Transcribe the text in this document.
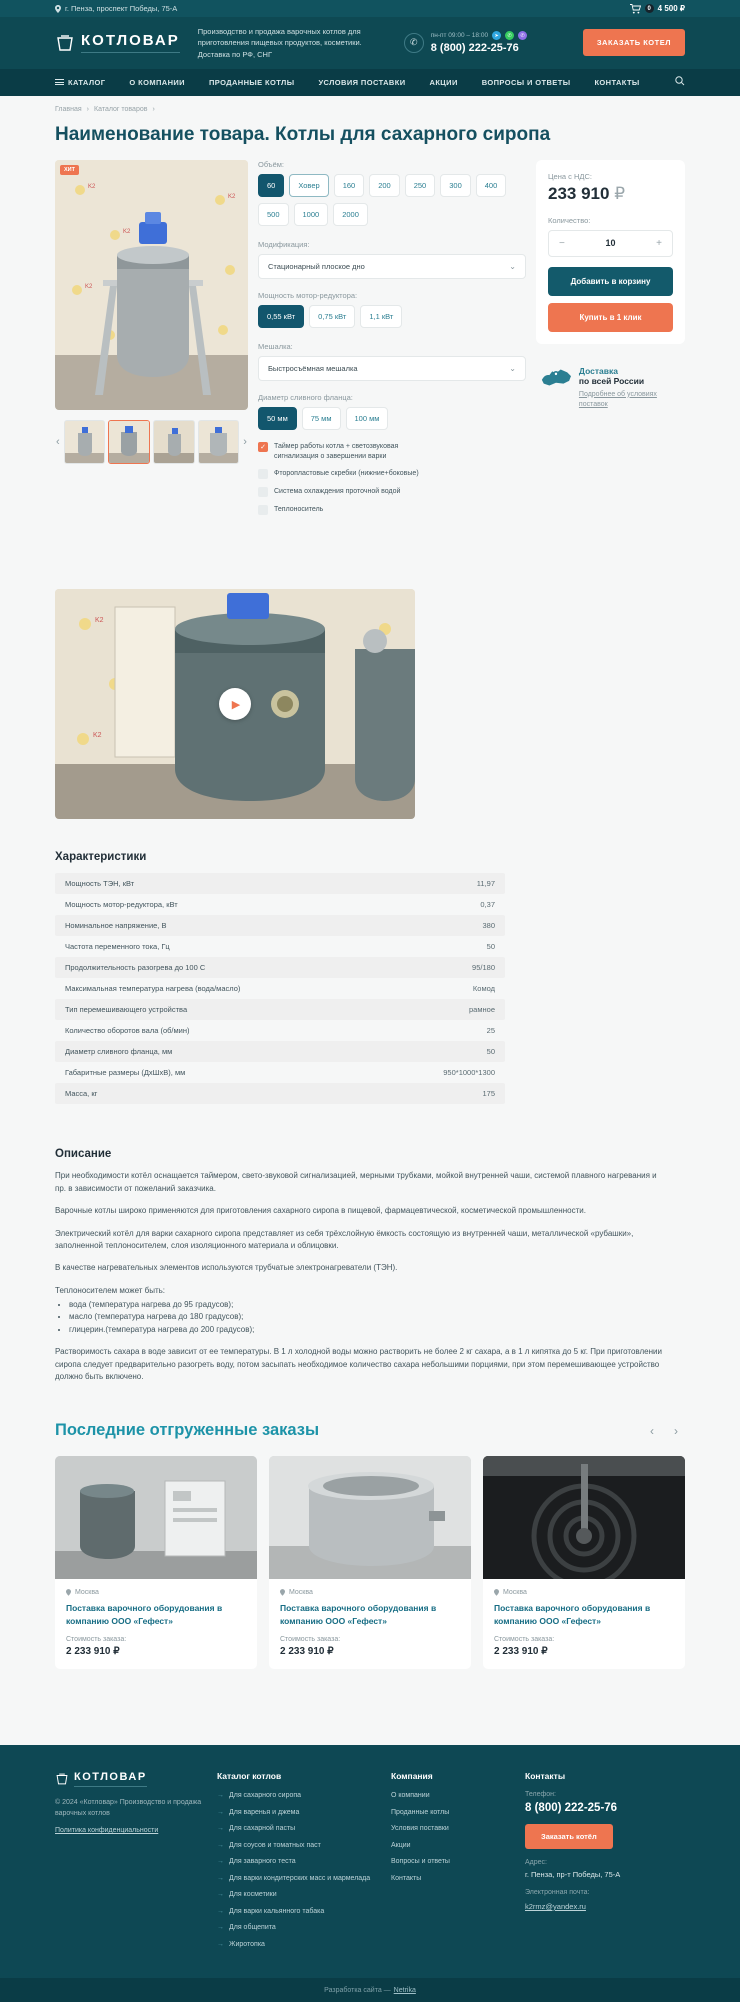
г. Пенза, проспект Победы, 75-А	0 4 500 ₽
КОТЛОВАР
Производство и продажа варочных котлов для приготовления пищевых продуктов, косметики. Доставка по РФ, СНГ
✆
пн-пт 09:00 – 18:00	➤	✆	✆
8 (800) 222-25-76	ЗАКАЗАТЬ КОТЕЛ
КАТАЛОГ	О КОМПАНИИ	ПРОДАННЫЕ КОТЛЫ	УСЛОВИЯ ПОСТАВКИ	АКЦИИ	ВОПРОСЫ И ОТВЕТЫ	КОНТАКТЫ
Главная › Каталог товаров ›
Наименование товара. Котлы для сахарного сиропа
K2
K2
K2
K2
ХИТ
‹	›

Объём:

60	Ховер	160	200	250	300	400
500	1000	2000

Модификация:

Стационарный плоское дно	⌄

Мощность мотор-редуктора:

0,55 кВт	0,75 кВт	1,1 кВт

Мешалка:

Быстросъёмная мешалка	⌄

Диаметр сливного фланца:

50 мм	75 мм	100 мм
✓ Таймер работы котла + светозвуковая сигнализация о завершении варки
Фторопластовые скребки (нижние+боковые)
Система охлаждения проточной водой
Теплоноситель
Цена с НДС:
233 910 ₽
Количество:
−	10	+
Добавить в корзину
Купить в 1 клик
Доставка
по всей России
Подробнее об условиях поставок
K2
K2
▶
Характеристики
Мощность ТЭН, кВт	11,97
Мощность мотор-редуктора, кВт	0,37
Номинальное напряжение, В	380
Частота переменного тока, Гц	50
Продолжительность разогрева до 100 С	95/180
Максимальная температура нагрева (вода/масло)	Комод
Тип перемешивающего устройства	рамное
Количество оборотов вала (об/мин)	25
Диаметр сливного фланца, мм	50
Габаритные размеры (ДхШхВ), мм	950*1000*1300
Масса, кг	175
Описание

При необходимости котёл оснащается таймером, свето-звуковой сигнализацией, мерными трубками, мойкой внутренней чаши, системой плавного нагревания и пр. в зависимости от пожеланий заказчика.

Варочные котлы широко применяются для приготовления сахарного сиропа в пищевой, фармацевтической, косметической промышленности.

Электрический котёл для варки сахарного сиропа представляет из себя трёхслойную ёмкость состоящую из внутренней чаши, металлической «рубашки», заполненной теплоносителем, слоя изоляционного материала и облицовки.

В качестве нагревательных элементов используются трубчатые электронагреватели (ТЭН).

Теплоносителем может быть:

• вода (температура нагрева до 95 градусов);
• масло (температура нагрева до 180 градусов);
• глицерин.(температура нагрева до 200 градусов);

Растворимость сахара в воде зависит от ее температуры. В 1 л холодной воды можно растворить не более 2 кг сахара, а в 1 л кипятка до 5 кг. При приготовлении сиропа следует предварительно разогреть воду, потом засыпать необходимое количество сахара небольшими порциями, при этом перемешивающее устройство должно быть включено.

Последние отгруженные заказы	‹	›
Москва
Поставка варочного оборудования в компанию ООО «Гефест»
Стоимость заказа:
2 233 910 ₽
Москва
Поставка варочного оборудования в компанию ООО «Гефест»
Стоимость заказа:
2 233 910 ₽
Москва
Поставка варочного оборудования в компанию ООО «Гефест»
Стоимость заказа:
2 233 910 ₽
КОТЛОВАР
© 2024 «Котловар» Производство и продажа варочных котлов
Политика конфиденциальности
Каталог котлов
→ Для сахарного сиропа
→ Для варенья и джема
→ Для сахарной пасты
→ Для соусов и томатных паст
→ Для заварного теста
→ Для варки кондитерских масс и мармелада
→ Для косметики
→ Для варки кальянного табака
→ Для общепита
→ Жиротопка
Компания
О компании
Проданные котлы
Условия поставки
Акции
Вопросы и ответы
Контакты
Контакты
Телефон:
8 (800) 222-25-76
Заказать котёл
Адрес:
г. Пенза, пр-т Победы, 75-А
Электронная почта:
k2rmz@yandex.ru
Разработка сайта — Netrika
